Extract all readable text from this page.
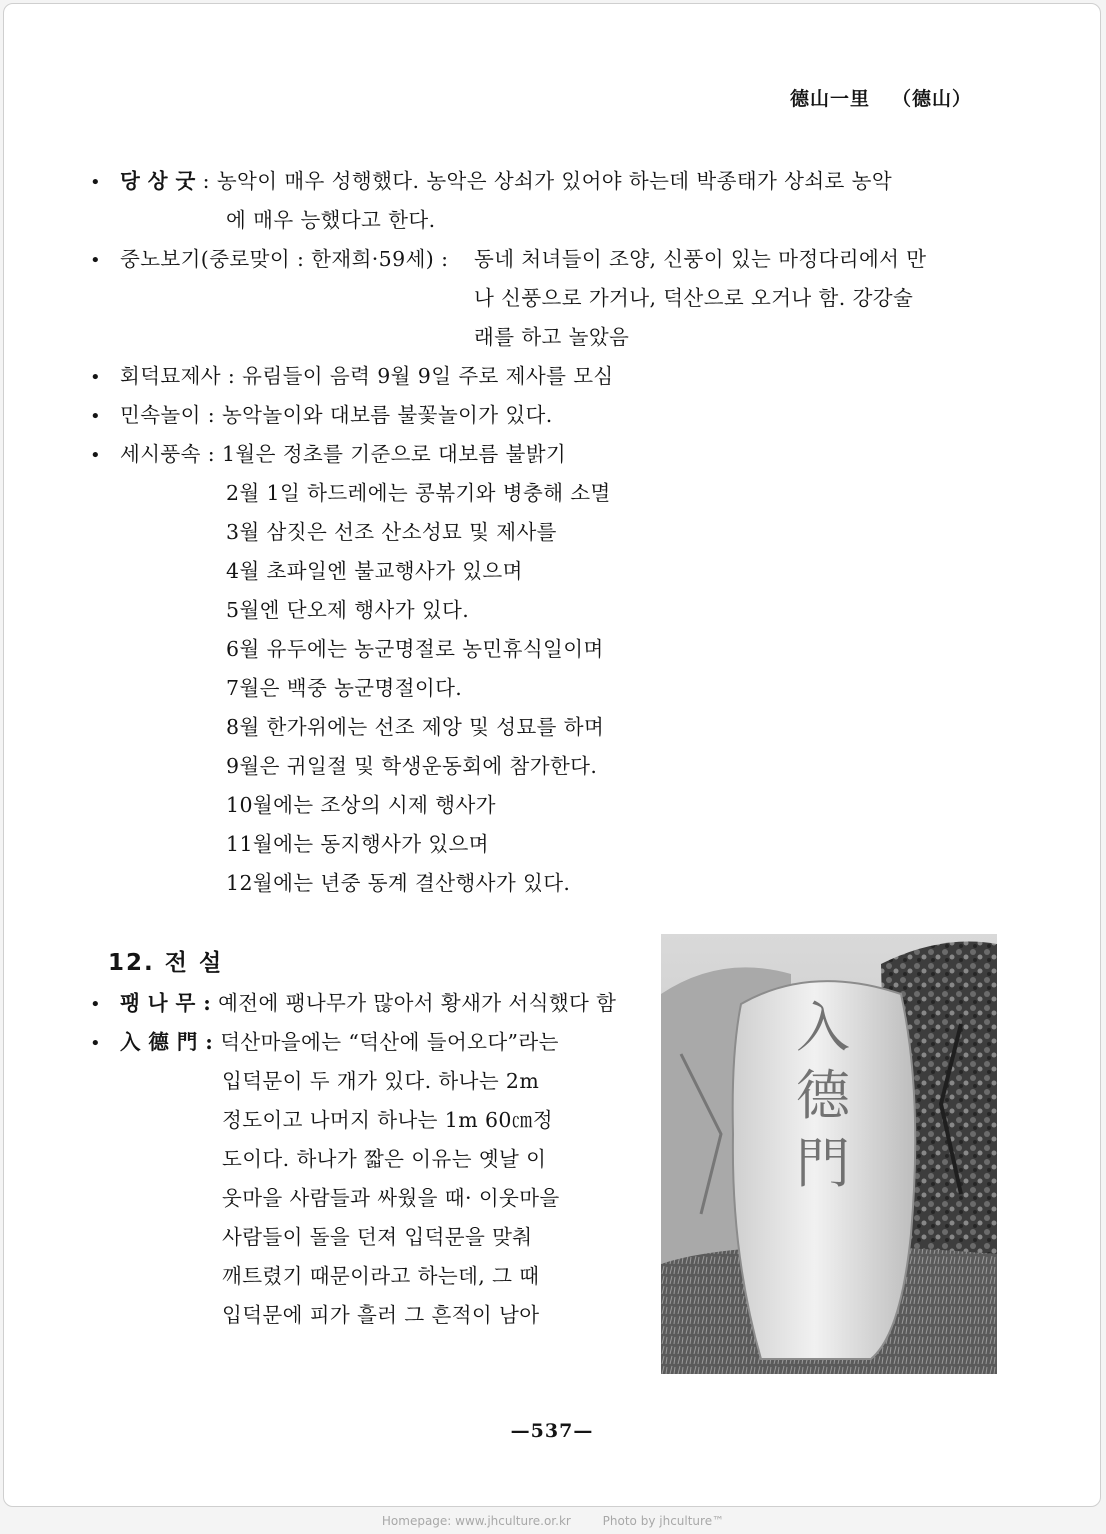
德山一里 （德山）
• 당 상 굿 : 농악이 매우 성행했다. 농악은 상쇠가 있어야 하는데 박종태가 상쇠로 농악
에 매우 능했다고 한다.
• 중노보기(중로맞이 : 한재희·59세) : 동네 처녀들이 조양, 신풍이 있는 마정다리에서 만
나 신풍으로 가거나, 덕산으로 오거나 함. 강강술
래를 하고 놀았음
• 회덕묘제사 : 유림들이 음력 9월 9일 주로 제사를 모심
• 민속놀이 : 농악놀이와 대보름 불꽃놀이가 있다.
• 세시풍속 : 1월은 정초를 기준으로 대보름 불밝기
2월 1일 하드레에는 콩볶기와 병충해 소멸
3월 삼짓은 선조 산소성묘 및 제사를
4월 초파일엔 불교행사가 있으며
5월엔 단오제 행사가 있다.
6월 유두에는 농군명절로 농민휴식일이며
7월은 백중 농군명절이다.
8월 한가위에는 선조 제앙 및 성묘를 하며
9월은 귀일절 및 학생운동회에 참가한다.
10월에는 조상의 시제 행사가
11월에는 동지행사가 있으며
12월에는 년중 동계 결산행사가 있다.
12. 전 설
• 팽 나 무 : 예전에 팽나무가 많아서 황새가 서식했다 함
• 入 德 門 : 덕산마을에는 “덕산에 들어오다”라는
입덕문이 두 개가 있다. 하나는 2m
정도이고 나머지 하나는 1m 60㎝정
도이다. 하나가 짧은 이유는 옛날 이
웃마을 사람들과 싸웠을 때· 이웃마을
사람들이 돌을 던져 입덕문을 맞춰
깨트렸기 때문이라고 하는데, 그 때
입덕문에 피가 흘러 그 흔적이 남아
入
德
門
—537—
Homepage: www.jhculture.or.kr	Photo by jhculture™
